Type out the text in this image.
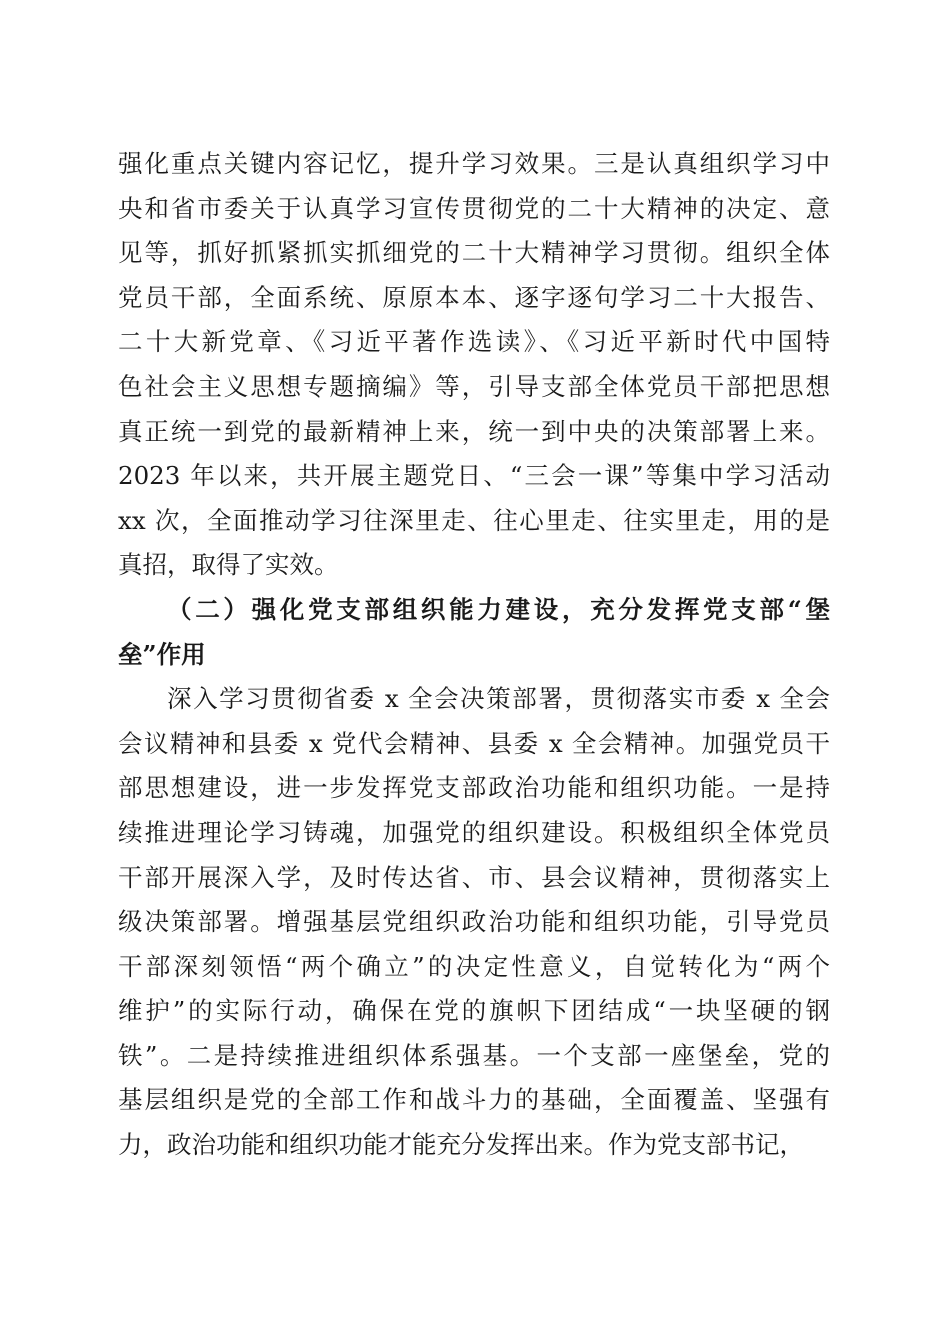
强化重点关键内容记忆，提升学习效果。三是认真组织学习中
央和省市委关于认真学习宣传贯彻党的二十大精神的决定、意
见等，抓好抓紧抓实抓细党的二十大精神学习贯彻。组织全体
党员干部，全面系统、原原本本、逐字逐句学习二十大报告、
二十大新党章、《习近平著作选读》、《习近平新时代中国特
色社会主义思想专题摘编》等，引导支部全体党员干部把思想
真正统一到党的最新精神上来，统一到中央的决策部署上来。
2023 年以来，共开展主题党日、“三会一课”等集中学习活动
xx 次，全面推动学习往深里走、往心里走、往实里走，用的是
真招，取得了实效。
（二）强化党支部组织能力建设，充分发挥党支部“堡
垒”作用
深入学习贯彻省委 x 全会决策部署，贯彻落实市委 x 全会
会议精神和县委 x 党代会精神、县委 x 全会精神。加强党员干
部思想建设，进一步发挥党支部政治功能和组织功能。一是持
续推进理论学习铸魂，加强党的组织建设。积极组织全体党员
干部开展深入学，及时传达省、市、县会议精神，贯彻落实上
级决策部署。增强基层党组织政治功能和组织功能，引导党员
干部深刻领悟“两个确立”的决定性意义，自觉转化为“两个
维护”的实际行动，确保在党的旗帜下团结成“一块坚硬的钢
铁”。二是持续推进组织体系强基。一个支部一座堡垒，党的
基层组织是党的全部工作和战斗力的基础，全面覆盖、坚强有
力，政治功能和组织功能才能充分发挥出来。作为党支部书记，
